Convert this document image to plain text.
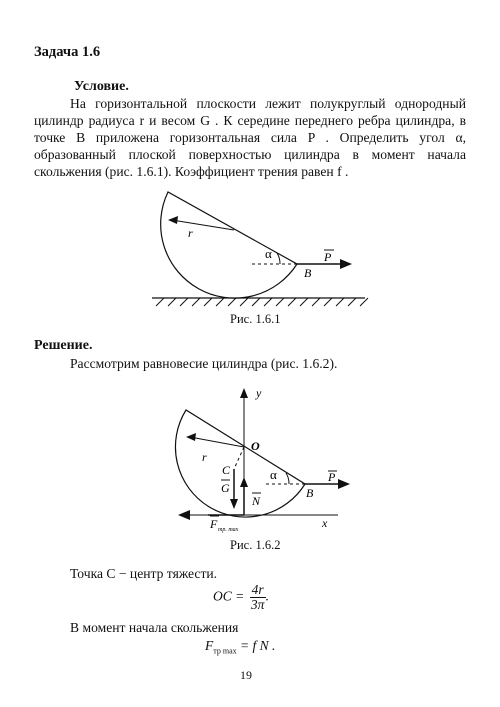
Задача 1.6
Условие.
На горизонтальной плоскости лежит полукруглый однородный цилиндр радиуса r и весом G . К середине переднего ребра цилиндра, в точке B приложена горизонтальная сила P . Определить угол α, образованный плоской поверхностью цилиндра в момент начала скольжения (рис. 1.6.1). Коэффициент трения равен f .
r
α	P
B
Рис. 1.6.1
Решение.
Рассмотрим равновесие цилиндра (рис. 1.6.2).
y
r
O
C
G
N
α	P
B
F тр. max	x
Рис. 1.6.2
Точка C − центр тяжести.
OC = $\frac{4r}{3\pi}$ .
В момент начала скольжения
$F_{тр max} = f$ N .
19
